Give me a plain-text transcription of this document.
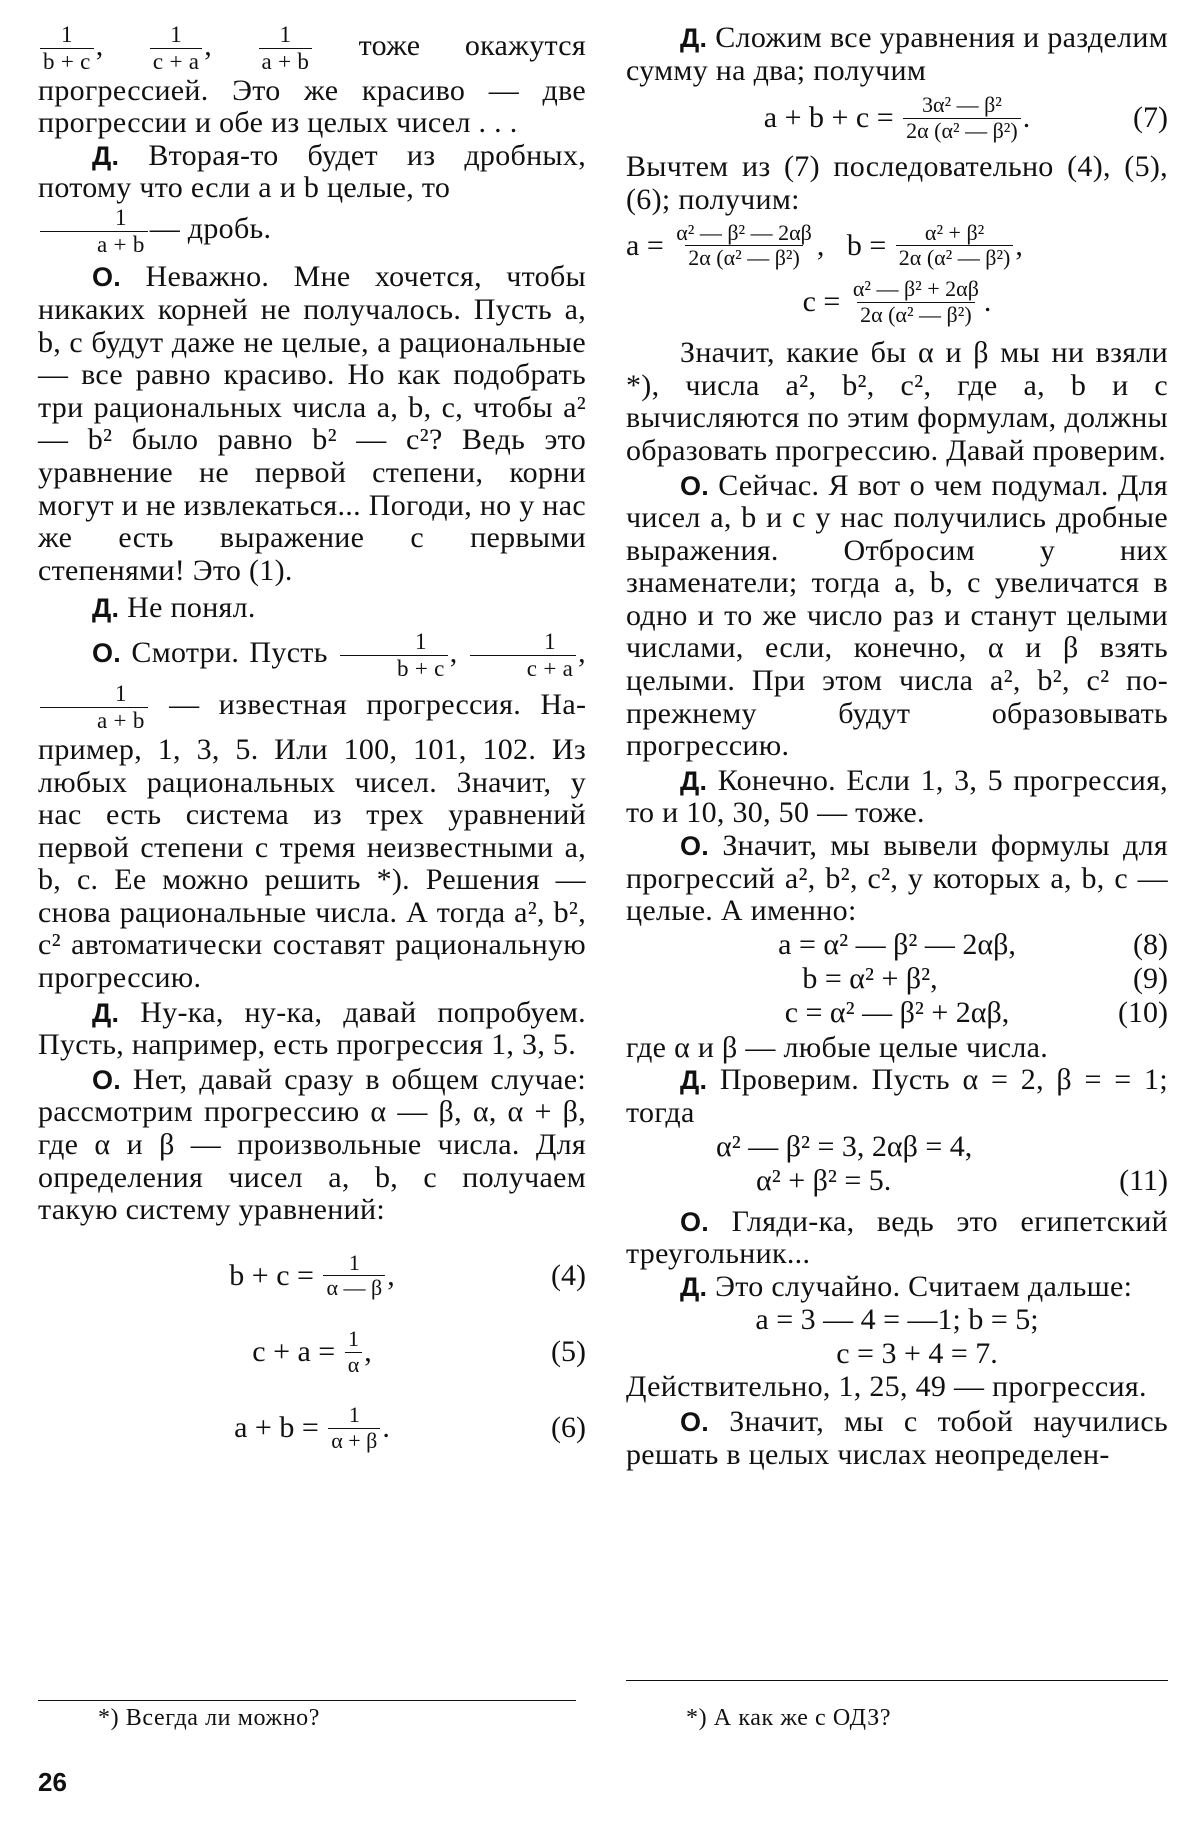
$\frac{1}{b + c}$ , $\frac{1}{c + a}$ , $\frac{1}{a + b}$ тоже окажутся прогрессией. Это же красиво — две прогрессии и обе из целых чисел . . .

Д. Вторая-то будет из дробных, потому что если a и b целые, то

$\frac{1}{a + b}$ — дробь.

О. Неважно. Мне хочется, чтобы никаких корней не получалось. Пусть a, b, c будут даже не целые, а рациональные — все равно красиво. Но как подобрать три рациональных числа a, b, c, чтобы a² — b² было равно b² — c²? Ведь это уравнение не первой степени, корни могут и не извлекаться... Погоди, но у нас же есть выражение с первыми степенями! Это (1).

Д. Не понял.

О. Смотри. Пусть $\frac{1}{b + c}$ , $\frac{1}{c + a}$ ,
$\frac{1}{a + b}$ — известная прогрессия. Например, 1, 3, 5. Или 100, 101, 102. Из любых рациональных чисел. Значит, у нас есть система из трех уравнений первой степени с тремя неизвестными a, b, c. Ее можно решить *). Решения — снова рациональные числа. А тогда a², b², c² автоматически составят рациональную прогрессию.

Д. Ну-ка, ну-ка, давай попробуем. Пусть, например, есть прогрессия 1, 3, 5.

О. Нет, давай сразу в общем случае: рассмотрим прогрессию α — β, α, α + β, где α и β — произвольные числа. Для определения чисел a, b, c получаем такую систему уравнений:

b + c =
$\frac{1}{\alpha — \beta}$ ,	(4)
c + a =
$\frac{1}{\alpha}$ ,	(5)
a + b =
$\frac{1}{\alpha + \beta}$ .	(6)
*) Всегда ли можно?

Д. Сложим все уравнения и разделим сумму на два; получим

a + b + c =
$\frac{\text{3α² — β²}}{\text{2α (α² — β²)}}$ .	(7)

Вычтем из (7) последовательно (4), (5), (6); получим:

a =
$\frac{\text{α² — β² — 2αβ}}{\text{2α (α² — β²)}}$ , b =
$\frac{\text{α² + β²}}{\text{2α (α² — β²)}}$ ,
c =
$\frac{\text{α² — β² + 2αβ}}{\text{2α (α² — β²)}}$ .

Значит, какие бы α и β мы ни взяли *), числа a², b², c², где a, b и c вычисляются по этим формулам, должны образовать прогрессию. Давай проверим.

О. Сейчас. Я вот о чем подумал. Для чисел a, b и c у нас получились дробные выражения. Отбросим у них знаменатели; тогда a, b, c увеличатся в одно и то же число раз и станут целыми числами, если, конечно, α и β взять целыми. При этом числа a², b², c² по-прежнему будут образовывать прогрессию.

Д. Конечно. Если 1, 3, 5 прогрессия, то и 10, 30, 50 — тоже.

О. Значит, мы вывели формулы для прогрессий a², b², c², у которых a, b, c — целые. А именно:

a = α² — β² — 2αβ,	(8)
b = α² + β²,	(9)
c = α² — β² + 2αβ,	(10)

где α и β — любые целые числа.

Д. Проверим. Пусть α = 2, β = = 1; тогда

α² — β² = 3, 2αβ = 4,
α² + β² = 5.	(11)

О. Гляди-ка, ведь это египетский треугольник...

Д. Это случайно. Считаем дальше:

a = 3 — 4 = —1; b = 5;
c = 3 + 4 = 7.

Действительно, 1, 25, 49 — прогрессия.

О. Значит, мы с тобой научились решать в целых числах неопределен-

*) А как же с ОДЗ?
26
